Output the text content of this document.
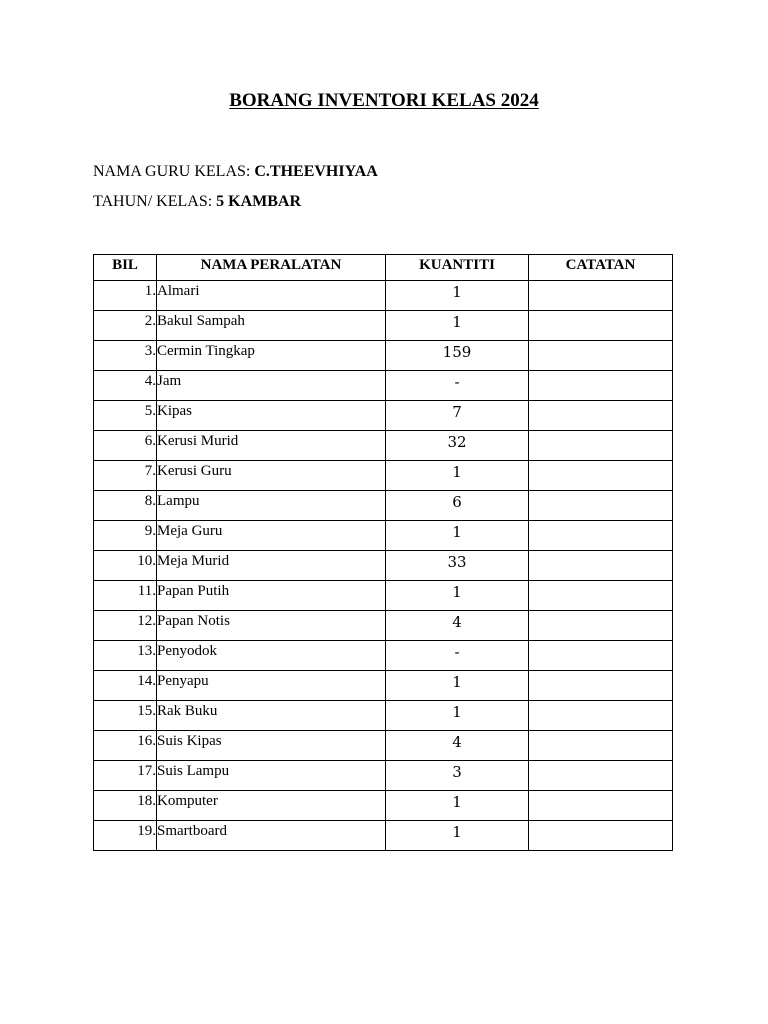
BORANG INVENTORI KELAS 2024
NAMA GURU KELAS: C.THEEVHIYAA
TAHUN/ KELAS: 5 KAMBAR
BIL	NAMA PERALATAN	KUANTITI	CATATAN
1.	Almari	1	
2.	Bakul Sampah	1	
3.	Cermin Tingkap	159	
4.	Jam	-	
5.	Kipas	7	
6.	Kerusi Murid	32	
7.	Kerusi Guru	1	
8.	Lampu	6	
9.	Meja Guru	1	
10.	Meja Murid	33	
11.	Papan Putih	1	
12.	Papan Notis	4	
13.	Penyodok	-	
14.	Penyapu	1	
15.	Rak Buku	1	
16.	Suis Kipas	4	
17.	Suis Lampu	3	
18.	Komputer	1	
19.	Smartboard	1	
